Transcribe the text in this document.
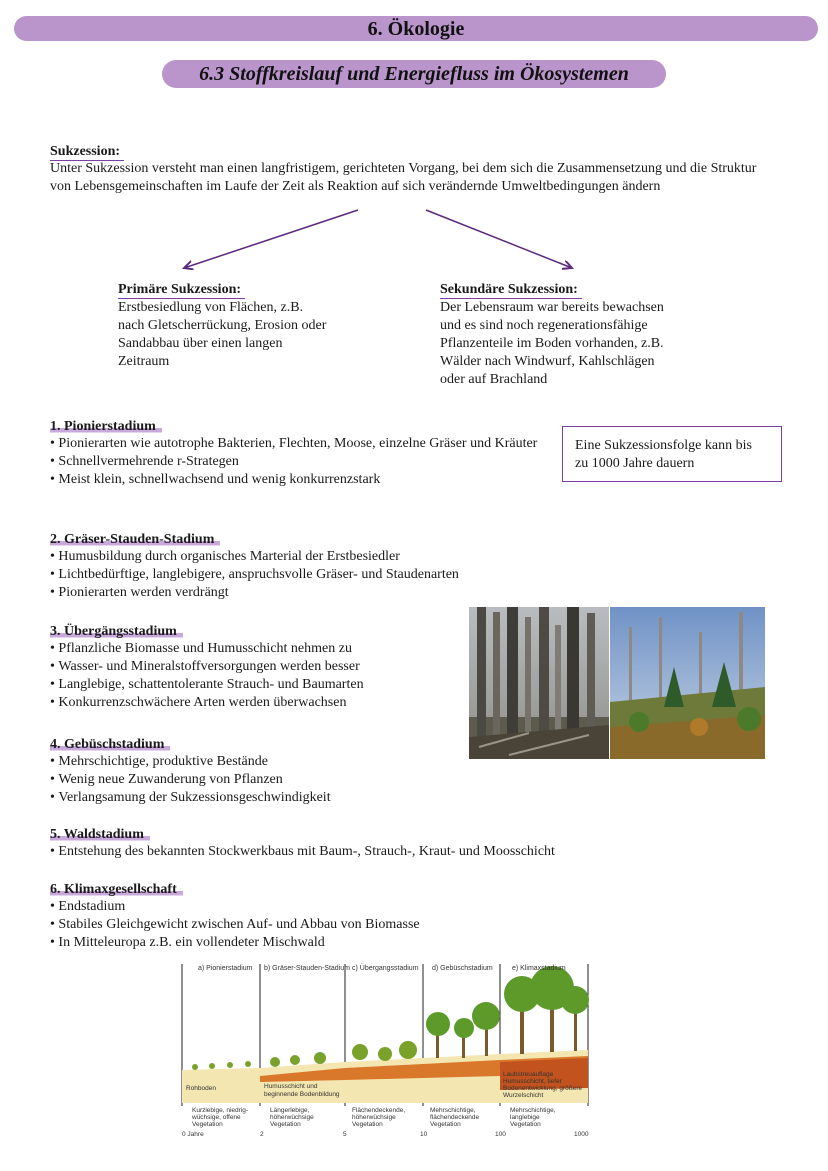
6. Ökologie
6.3 Stoffkreislauf und Energiefluss im Ökosystemen
Sukzession:
Unter Sukzession versteht man einen langfristigem, gerichteten Vorgang, bei dem sich die Zusammensetzung und die Struktur von Lebensgemeinschaften im Laufe der Zeit als Reaktion auf sich verändernde Umweltbedingungen ändern
Primäre Sukzession:
Erstbesiedlung von Flächen, z.B.
nach Gletscherrückung, Erosion oder
Sandabbau über einen langen
Zeitraum
Sekundäre Sukzession:
Der Lebensraum war bereits bewachsen
und es sind noch regenerationsfähige
Pflanzenteile im Boden vorhanden, z.B.
Wälder nach Windwurf, Kahlschlägen
oder auf Brachland
1. Pionierstadium
• Pionierarten wie autotrophe Bakterien, Flechten, Moose, einzelne Gräser und Kräuter
• Schnellvermehrende r-Strategen
• Meist klein, schnellwachsend und wenig konkurrenzstark
Eine Sukzessionsfolge kann bis
zu 1000 Jahre dauern
2. Gräser-Stauden-Stadium
• Humusbildung durch organisches Marterial der Erstbesiedler
• Lichtbedürftige, langlebigere, anspruchsvolle Gräser- und Staudenarten
• Pionierarten werden verdrängt
3. Übergängsstadium
• Pflanzliche Biomasse und Humusschicht nehmen zu
• Wasser- und Mineralstoffversorgungen werden besser
• Langlebige, schattentolerante Strauch- und Baumarten
• Konkurrenzschwächere Arten werden überwachsen
4. Gebüschstadium
• Mehrschichtige, produktive Bestände
• Wenig neue Zuwanderung von Pflanzen
• Verlangsamung der Sukzessionsgeschwindigkeit
5. Waldstadium
• Entstehung des bekannten Stockwerkbaus mit Baum-, Strauch-, Kraut- und Moosschicht
6. Klimaxgesellschaft
• Endstadium
• Stabiles Gleichgewicht zwischen Auf- und Abbau von Biomasse
• In Mitteleuropa z.B. ein vollendeter Mischwald
a) Pionierstadium b) Gräser-Stauden-Stadium c) Übergangsstadium d) Gebüschstadium	e) Klimaxstadium
Rohboden	Humusschicht und
beginnende Bodenbildung
Laubstreuauflage
Humusschicht, tiefer
Bodenentwicklung, größere
Wurzelschicht
Kurzlebige, niedrig-
wüchsige, offene
Vegetation
Längerlebige,
höherwüchsige
Vegetation
Flächendeckende,
höherwüchsige
Vegetation
Mehrschichtige,
flächendeckende
Vegetation
Mehrschichtige,
langlebige
Vegetation
0 Jahre	2	5	10	100	1000
